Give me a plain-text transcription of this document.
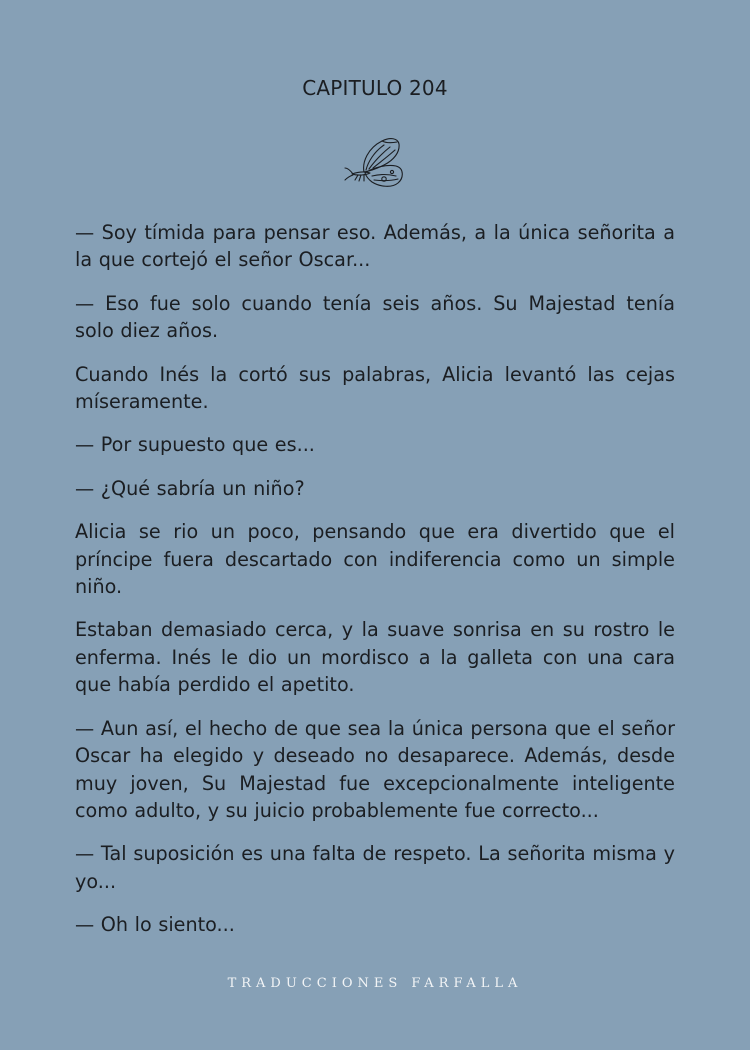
CAPITULO 204

— Soy tímida para pensar eso. Además, a la única señorita a la que cortejó el señor Oscar...

— Eso fue solo cuando tenía seis años. Su Majestad tenía solo diez años.

Cuando Inés la cortó sus palabras, Alicia levantó las cejas míseramente.

— Por supuesto que es...

— ¿Qué sabría un niño?

Alicia se rio un poco, pensando que era divertido que el príncipe fuera descartado con indiferencia como un simple niño.

Estaban demasiado cerca, y la suave sonrisa en su rostro le enferma. Inés le dio un mordisco a la galleta con una cara que había perdido el apetito.

— Aun así, el hecho de que sea la única persona que el señor Oscar ha elegido y deseado no desaparece. Además, desde muy joven, Su Majestad fue excepcionalmente inteligente como adulto, y su juicio probablemente fue correcto...

— Tal suposición es una falta de respeto. La señorita misma y yo...

— Oh lo siento...

TRADUCCIONES FARFALLA
